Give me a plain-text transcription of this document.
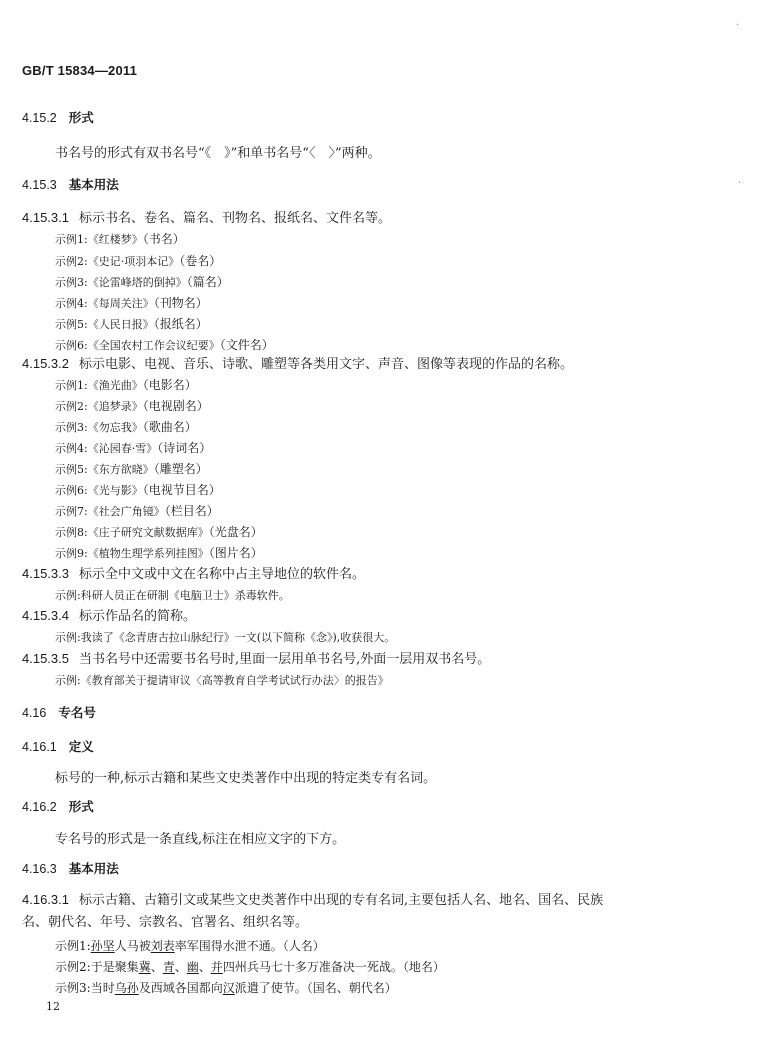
GB/T 15834—2011
4.15.2 形式
书名号的形式有双书名号“《　》”和单书名号“〈　〉”两种。
4.15.3 基本用法
4.15.3.1 标示书名、卷名、篇名、刊物名、报纸名、文件名等。
示例1:《红楼梦》（书名）
示例2:《史记·项羽本记》（卷名）
示例3:《论雷峰塔的倒掉》（篇名）
示例4:《每周关注》（刊物名）
示例5:《人民日报》（报纸名）
示例6:《全国农村工作会议纪要》（文件名）
4.15.3.2 标示电影、电视、音乐、诗歌、雕塑等各类用文字、声音、图像等表现的作品的名称。
示例1:《渔光曲》（电影名）
示例2:《追梦录》（电视剧名）
示例3:《勿忘我》（歌曲名）
示例4:《沁园春·雪》（诗词名）
示例5:《东方欲晓》（雕塑名）
示例6:《光与影》（电视节目名）
示例7:《社会广角镜》（栏目名）
示例8:《庄子研究文献数据库》（光盘名）
示例9:《植物生理学系列挂图》（图片名）
4.15.3.3 标示全中文或中文在名称中占主导地位的软件名。
示例:科研人员正在研制《电脑卫士》杀毒软件。
4.15.3.4 标示作品名的简称。
示例:我读了《念青唐古拉山脉纪行》一文(以下简称《念》),收获很大。
4.15.3.5 当书名号中还需要书名号时,里面一层用单书名号,外面一层用双书名号。
示例:《教育部关于提请审议〈高等教育自学考试试行办法〉的报告》
4.16 专名号
4.16.1 定义
标号的一种,标示古籍和某些文史类著作中出现的特定类专有名词。
4.16.2 形式
专名号的形式是一条直线,标注在相应文字的下方。
4.16.3 基本用法
4.16.3.1 标示古籍、古籍引文或某些文史类著作中出现的专有名词,主要包括人名、地名、国名、民族
名、朝代名、年号、宗教名、官署名、组织名等。
示例1:孙坚人马被刘表率军围得水泄不通。（人名）
示例2:于是聚集冀、青、幽、并四州兵马七十多万准备决一死战。（地名）
示例3:当时乌孙及西域各国都向汉派遣了使节。（国名、朝代名）
12
·
·
